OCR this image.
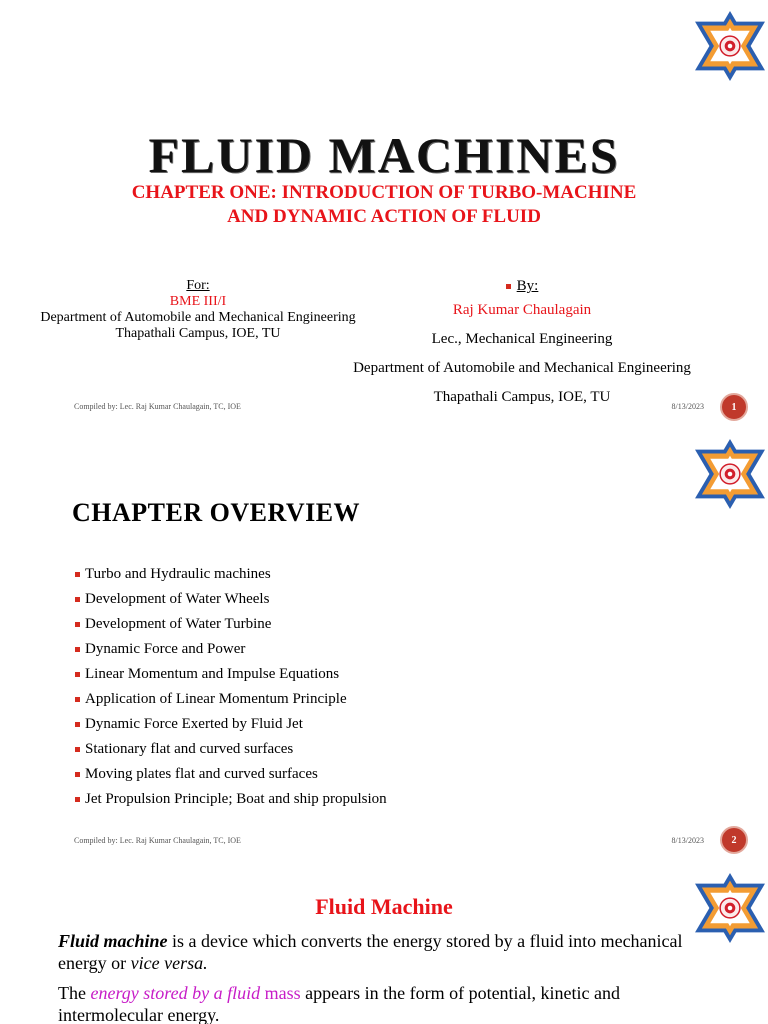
FLUID MACHINES
CHAPTER ONE: INTRODUCTION OF TURBO-MACHINE
AND DYNAMIC ACTION OF FLUID
For:
BME III/I
Department of Automobile and Mechanical Engineering
Thapathali Campus, IOE, TU
By:
Raj Kumar Chaulagain
Lec., Mechanical Engineering
Department of Automobile and Mechanical Engineering
Thapathali Campus, IOE, TU
Compiled by: Lec. Raj Kumar Chaulagain, TC, IOE	8/13/2023	1
CHAPTER OVERVIEW
Turbo and Hydraulic machines
Development of Water Wheels
Development of Water Turbine
Dynamic Force and Power
Linear Momentum and Impulse Equations
Application of Linear Momentum Principle
Dynamic Force Exerted by Fluid Jet
Stationary flat and curved surfaces
Moving plates flat and curved surfaces
Jet Propulsion Principle; Boat and ship propulsion
Compiled by: Lec. Raj Kumar Chaulagain, TC, IOE	8/13/2023	2
Fluid Machine

Fluid machine is a device which converts the energy stored by a fluid into mechanical energy or vice versa.

The energy stored by a fluid mass appears in the form of potential, kinetic and intermolecular energy.
